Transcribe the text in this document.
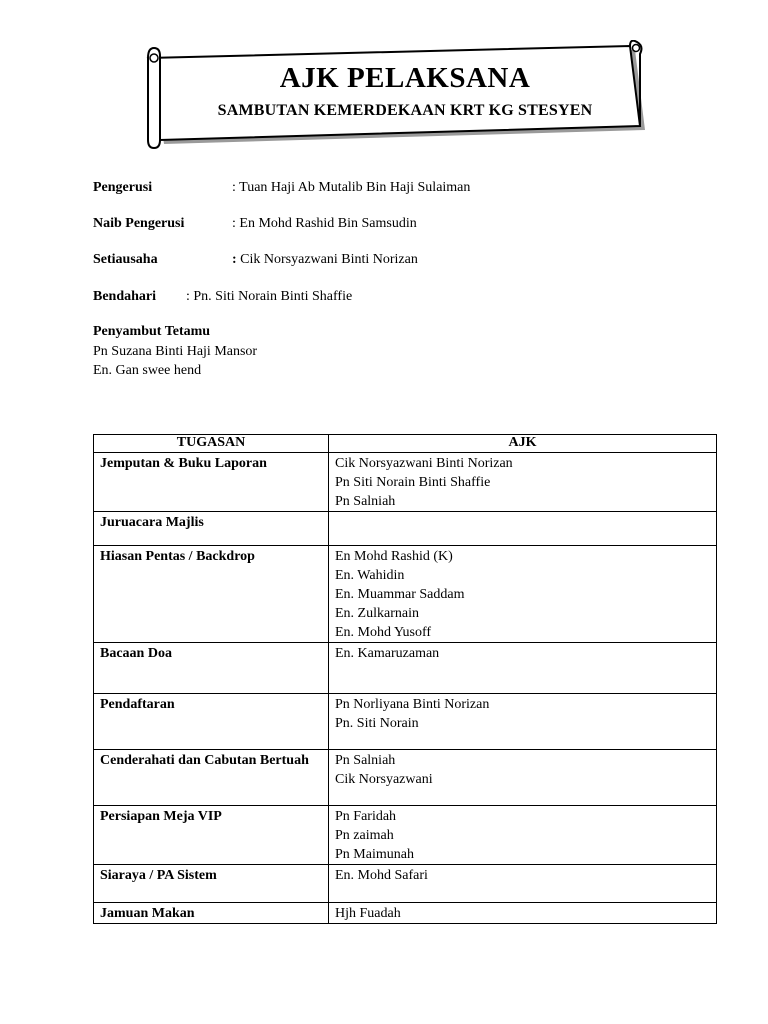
AJK PELAKSANA
SAMBUTAN KEMERDEKAAN KRT KG STESYEN
Pengerusi	: Tuan Haji Ab Mutalib Bin Haji Sulaiman
Naib Pengerusi	: En Mohd Rashid Bin Samsudin
Setiausaha	: Cik Norsyazwani Binti Norizan
Bendahari : Pn. Siti Norain Binti Shaffie
Penyambut Tetamu
Pn Suzana Binti Haji Mansor
En. Gan swee hend
TUGASAN	AJK
Jemputan & Buku Laporan	Cik Norsyazwani Binti Norizan
Pn Siti Norain Binti Shaffie
Pn Salniah

Juruacara Majlis	
Hiasan Pentas / Backdrop	En Mohd Rashid (K)
En. Wahidin
En. Muammar Saddam
En. Zulkarnain
En. Mohd Yusoff

Bacaan Doa	En. Kamaruzaman

Pendaftaran	Pn Norliyana Binti Norizan
Pn. Siti Norain

Cenderahati dan Cabutan Bertuah	Pn Salniah
Cik Norsyazwani

Persiapan Meja VIP	Pn Faridah
Pn zaimah
Pn Maimunah

Siaraya / PA Sistem	En. Mohd Safari

Jamuan Makan	Hjh Fuadah
